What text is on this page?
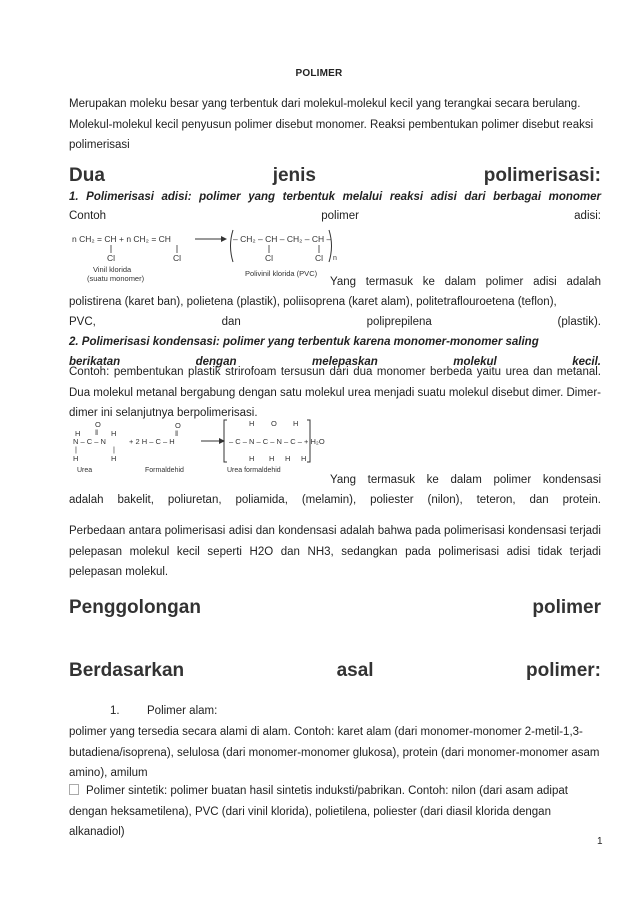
POLIMER
Merupakan moleku besar yang terbentuk dari molekul-molekul kecil yang terangkai secara berulang. Molekul-molekul kecil penyusun polimer disebut monomer. Reaksi pembentukan polimer disebut reaksi polimerisasi
Dua jenis polimerisasi:
1. Polimerisasi adisi: polimer yang terbentuk melalui reaksi adisi dari berbagai monomer
Contoh polimer adisi:
n CH₂ = CH + n CH₂ = CH
Cl	Cl
– CH₂ – CH – CH₂ – CH –
Cl	Cl n
Vinil klorida
(suatu monomer)
Polivinil klorida (PVC)
Yang termasuk ke dalam polimer adisi adalah
polistirena (karet ban), polietena (plastik), poliisoprena (karet alam), politetraflouroetena (teflon),
PVC, dan poliprepilena (plastik).
2. Polimerisasi kondensasi: polimer yang terbentuk karena monomer-monomer saling
berikatan dengan melepaskan molekul kecil.
Contoh: pembentukan plastik strirofoam tersusun dari dua monomer berbeda yaitu urea dan metanal. Dua molekul metanal bergabung dengan satu molekul urea menjadi suatu molekul disebut dimer. Dimer-dimer ini selanjutnya berpolimerisasi.
O
‖
N – C – N
|	|
H	H
H	H
+ 2 H – C – H
O
‖
H O H
– C – N – C – N – C – + H₂O
H H H H
Urea	Formaldehid	Urea formaldehid
Yang termasuk ke dalam polimer kondensasi
adalah bakelit, poliuretan, poliamida, (melamin), poliester (nilon), teteron, dan protein.
Perbedaan antara polimerisasi adisi dan kondensasi adalah bahwa pada polimerisasi kondensasi terjadi pelepasan molekul kecil seperti H2O dan NH3, sedangkan pada polimerisasi adisi tidak terjadi pelepasan molekul.
Penggolongan polimer
Berdasarkan asal polimer:
1. Polimer alam:
polimer yang tersedia secara alami di alam. Contoh: karet alam (dari monomer-monomer 2-metil-1,3-butadiena/isoprena), selulosa (dari monomer-monomer glukosa), protein (dari monomer-monomer asam amino), amilum
Polimer sintetik: polimer buatan hasil sintetis induksti/pabrikan. Contoh: nilon (dari asam adipat dengan heksametilena), PVC (dari vinil klorida), polietilena, poliester (dari diasil klorida dengan alkanadiol)
1
